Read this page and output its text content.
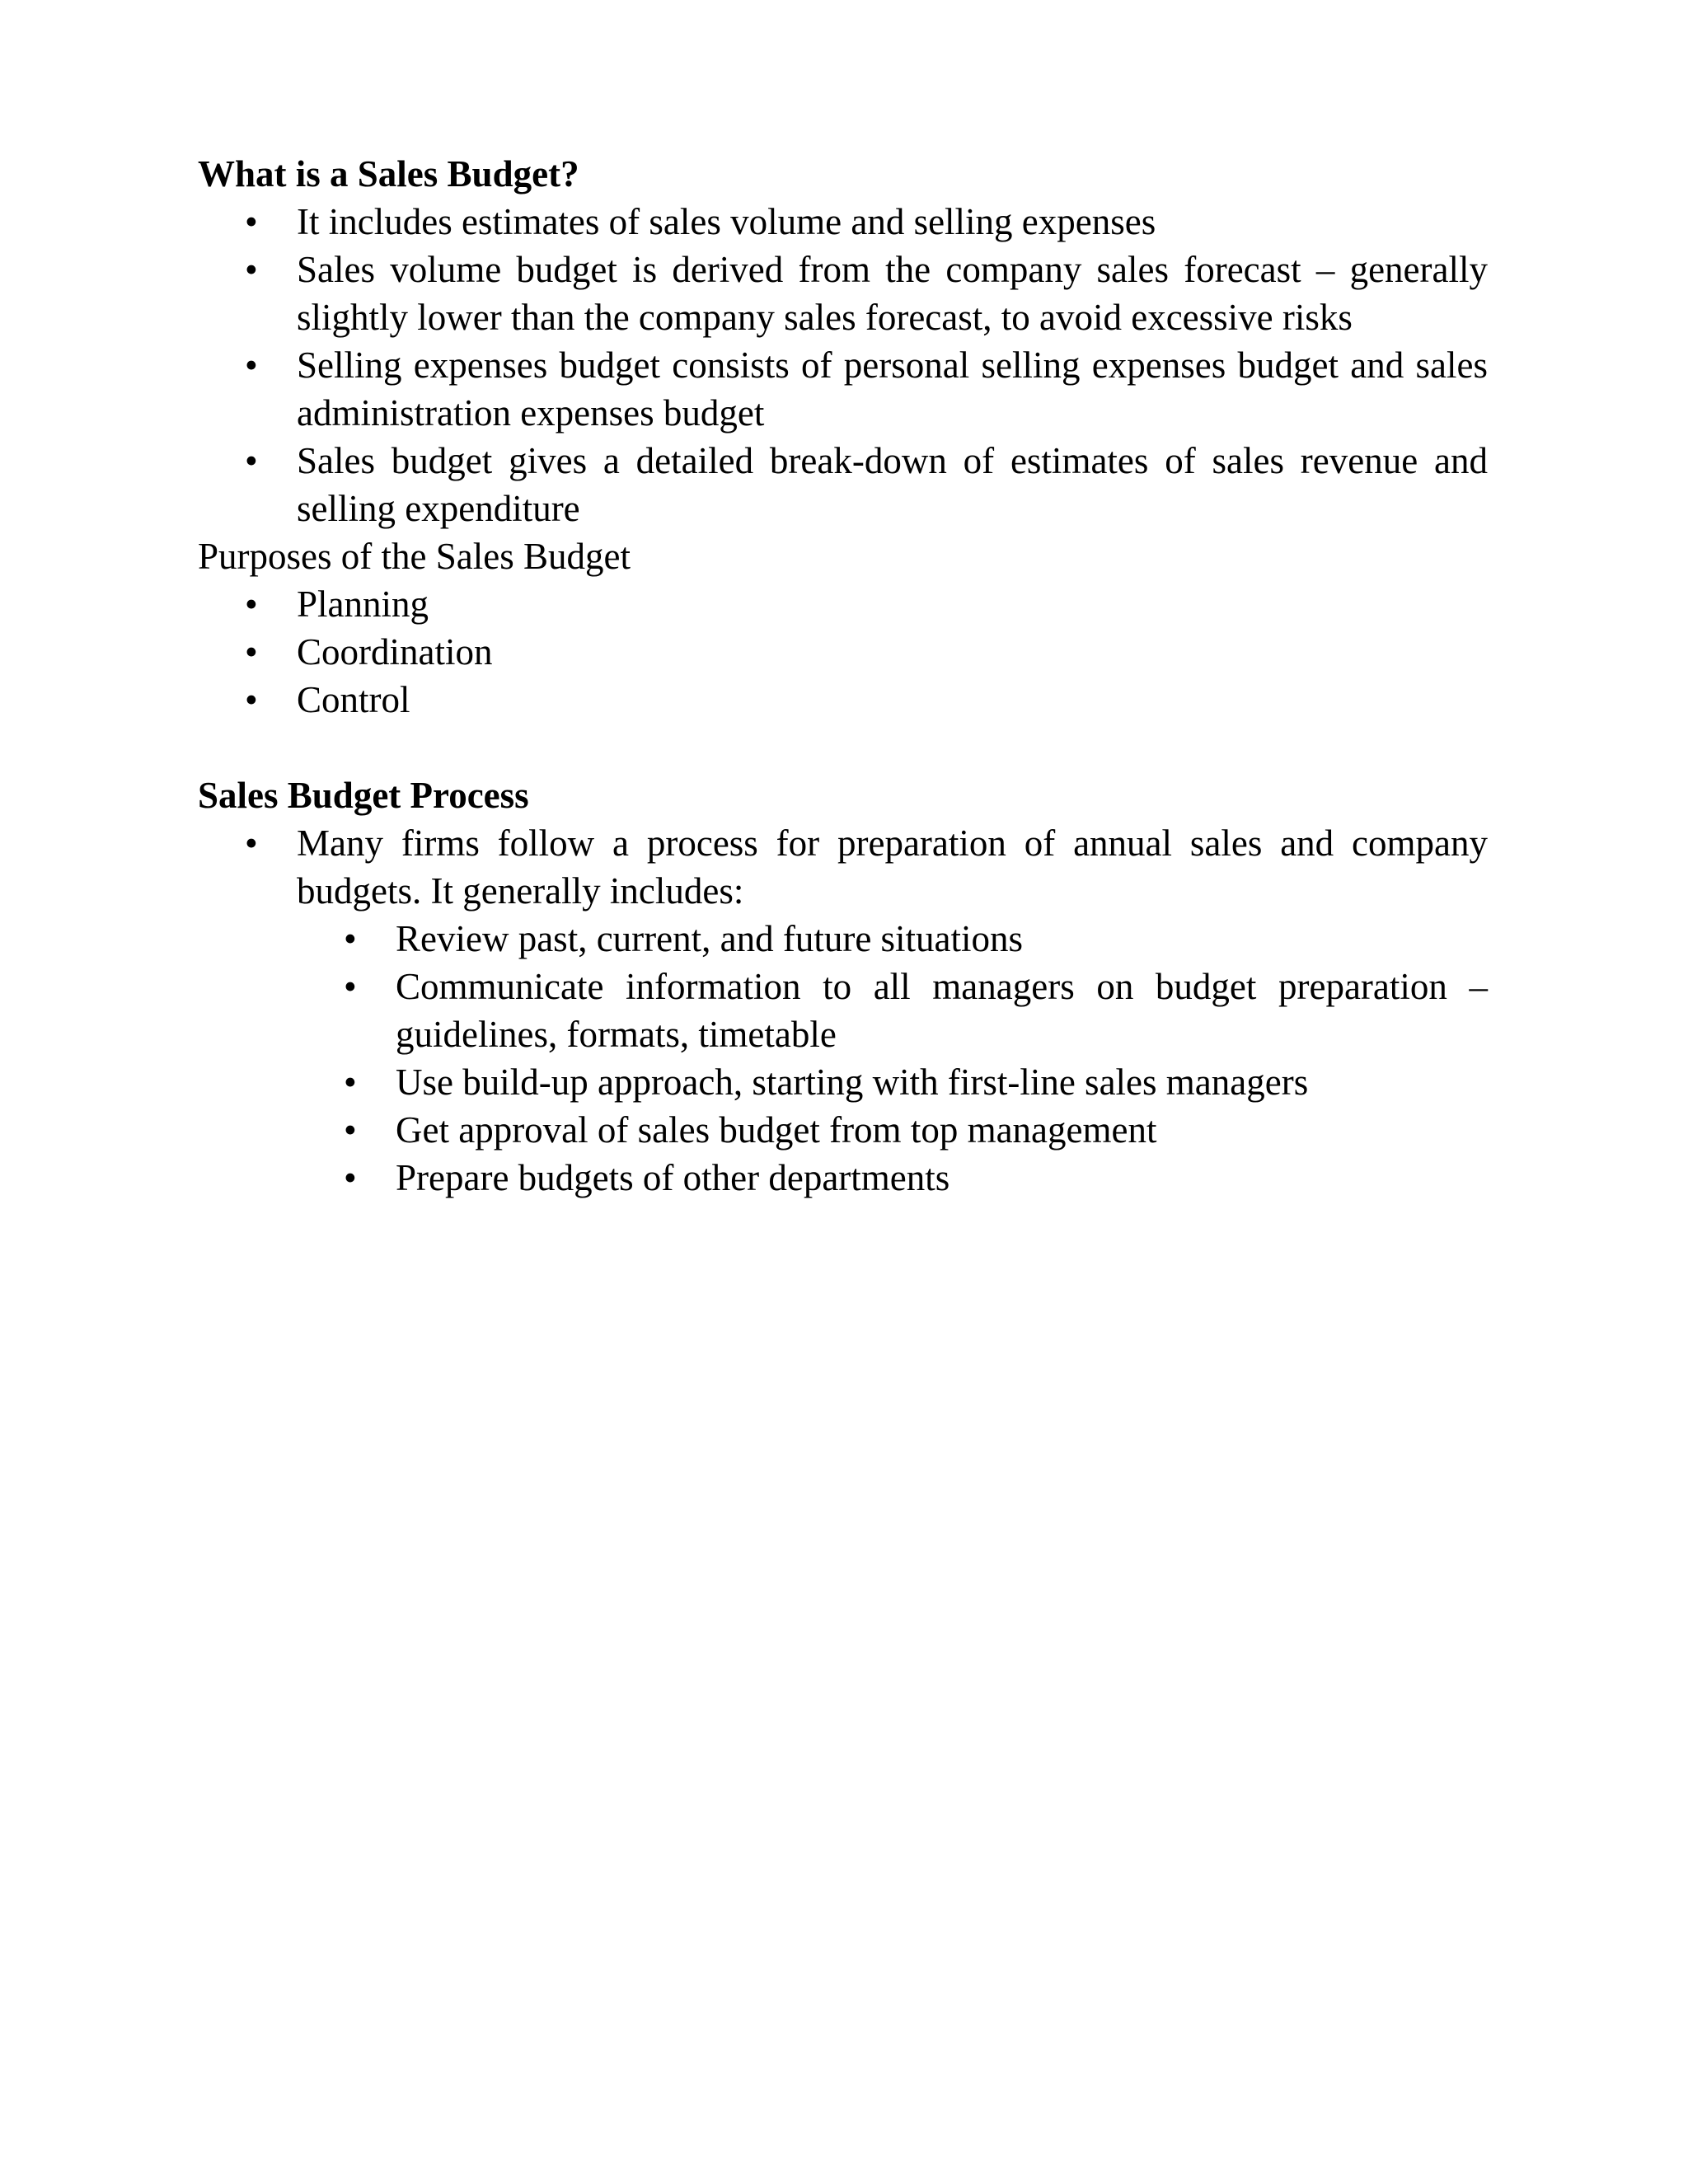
What is a Sales Budget?

• It includes estimates of sales volume and selling expenses
• Sales volume budget is derived from the company sales forecast – generally slightly lower than the company sales forecast, to avoid excessive risks
• Selling expenses budget consists of personal selling expenses budget and sales administration expenses budget
• Sales budget gives a detailed break-down of estimates of sales revenue and selling expenditure

Purposes of the Sales Budget

• Planning
• Coordination
• Control

Sales Budget Process

• Many firms follow a process for preparation of annual sales and company budgets. It generally includes:
• Review past, current, and future situations
• Communicate information to all managers on budget preparation – guidelines, formats, timetable
• Use build-up approach, starting with first-line sales managers
• Get approval of sales budget from top management
• Prepare budgets of other departments
